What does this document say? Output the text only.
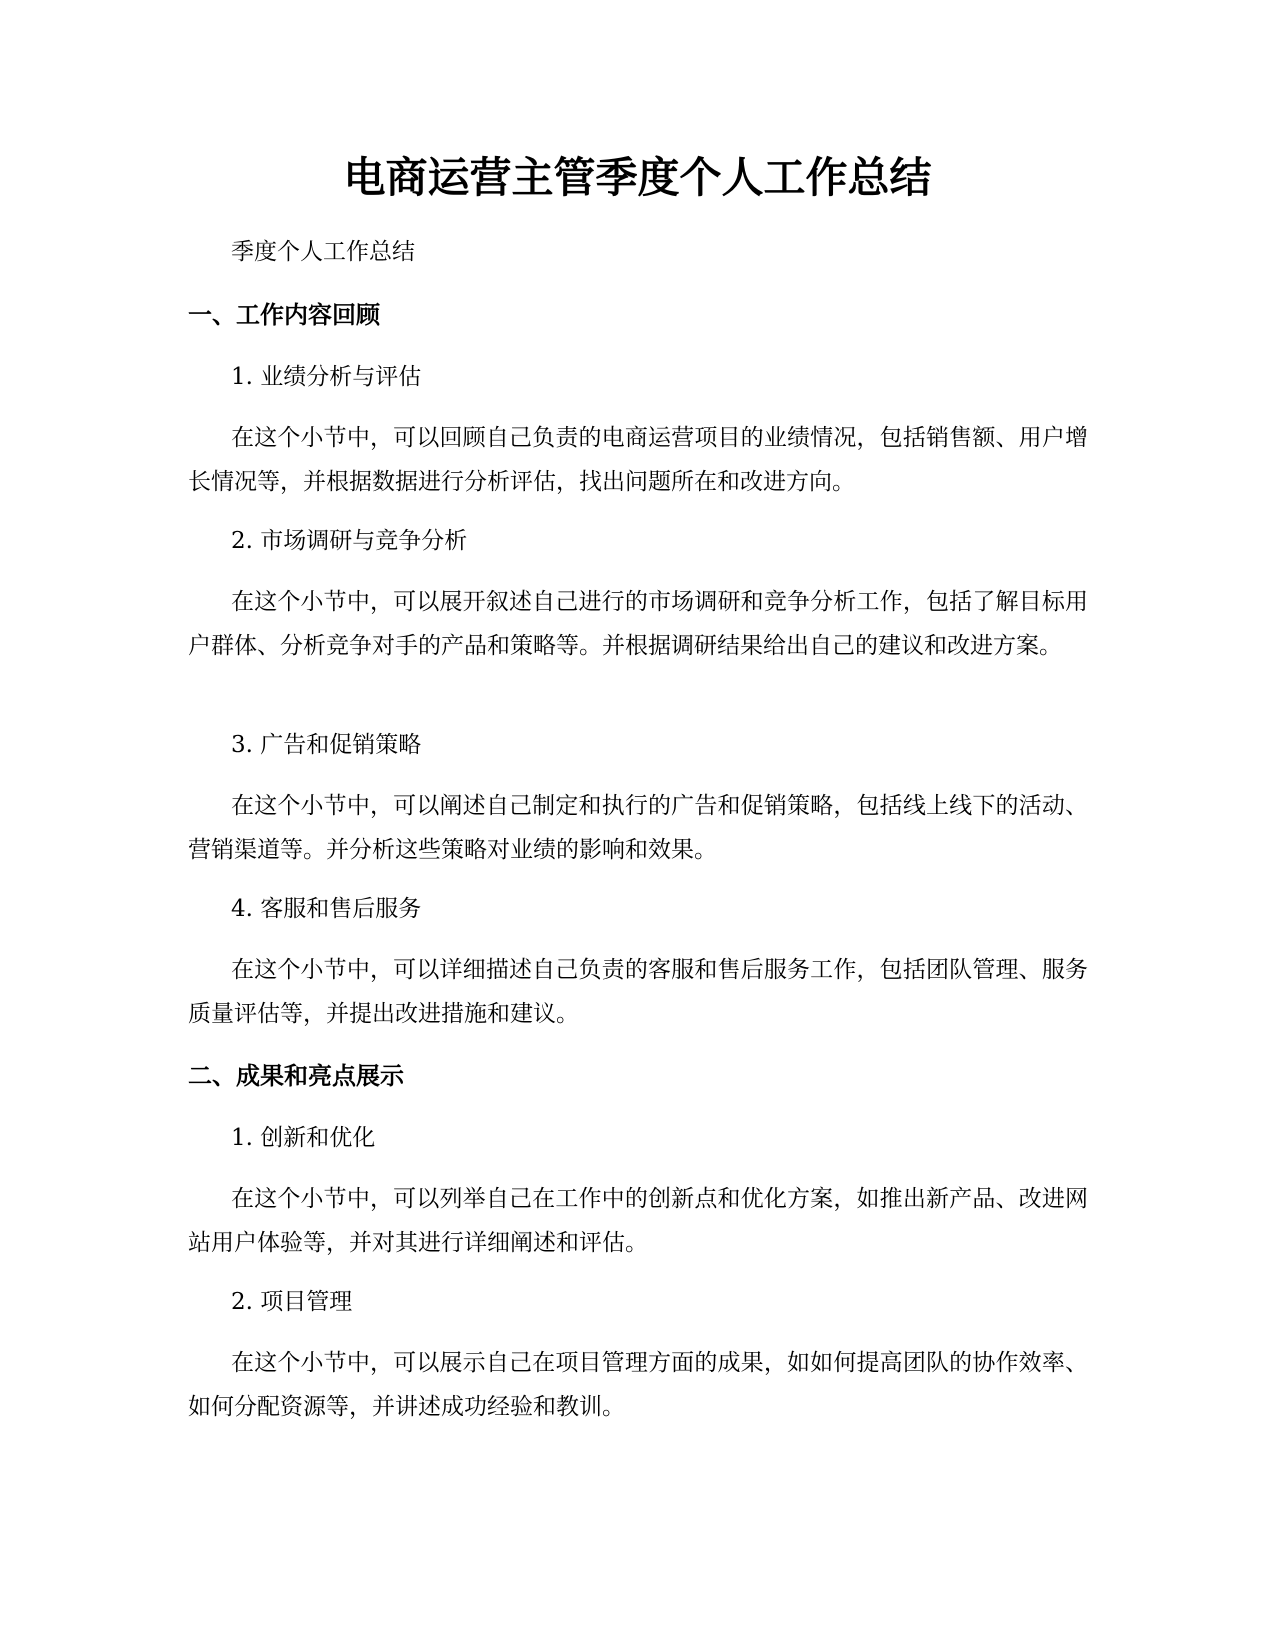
电商运营主管季度个人工作总结

季度个人工作总结

一、工作内容回顾

1. 业绩分析与评估

在这个小节中，可以回顾自己负责的电商运营项目的业绩情况，包括销售额、用户增长情况等，并根据数据进行分析评估，找出问题所在和改进方向。

2. 市场调研与竞争分析

在这个小节中，可以展开叙述自己进行的市场调研和竞争分析工作，包括了解目标用户群体、分析竞争对手的产品和策略等。并根据调研结果给出自己的建议和改进方案。

3. 广告和促销策略

在这个小节中，可以阐述自己制定和执行的广告和促销策略，包括线上线下的活动、营销渠道等。并分析这些策略对业绩的影响和效果。

4. 客服和售后服务

在这个小节中，可以详细描述自己负责的客服和售后服务工作，包括团队管理、服务质量评估等，并提出改进措施和建议。

二、成果和亮点展示

1. 创新和优化

在这个小节中，可以列举自己在工作中的创新点和优化方案，如推出新产品、改进网站用户体验等，并对其进行详细阐述和评估。

2. 项目管理

在这个小节中，可以展示自己在项目管理方面的成果，如如何提高团队的协作效率、如何分配资源等，并讲述成功经验和教训。
